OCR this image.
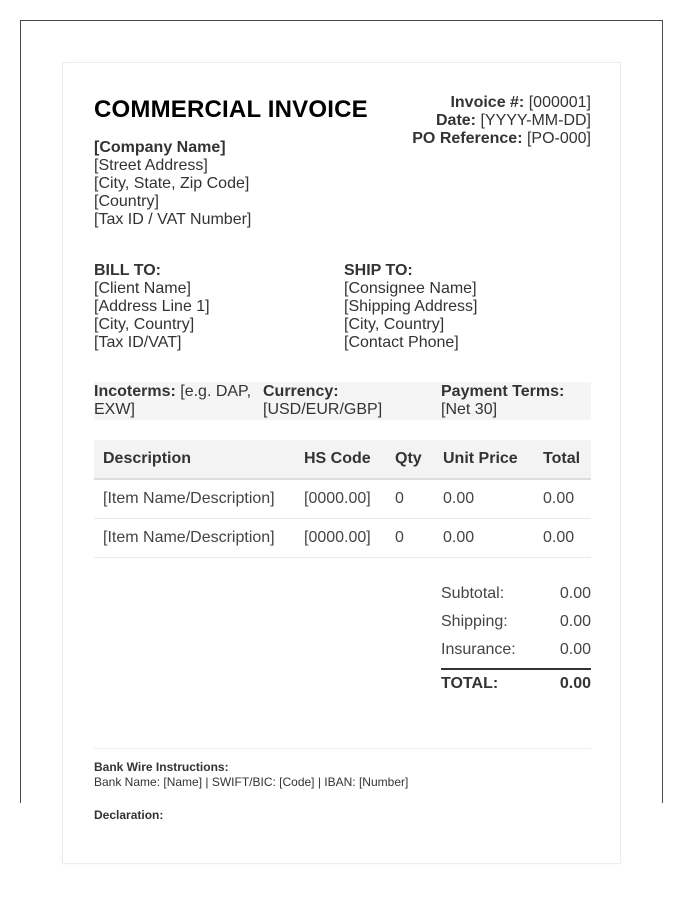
COMMERCIAL INVOICE	Invoice #: [000001]
Date: [YYYY-MM-DD]
PO Reference: [PO-000]
[Company Name]
[Street Address]
[City, State, Zip Code]
[Country]
[Tax ID / VAT Number]
BILL TO:
[Client Name]
[Address Line 1]
[City, Country]
[Tax ID/VAT]
SHIP TO:
[Consignee Name]
[Shipping Address]
[City, Country]
[Contact Phone]
Incoterms: [e.g. DAP, EXW]
Currency:
[USD/EUR/GBP]
Payment Terms:
[Net 30]
Description	HS Code	Qty	Unit Price	Total
[Item Name/Description]	[0000.00]	0	0.00	0.00
[Item Name/Description]	[0000.00]	0	0.00	0.00
Subtotal:	0.00
Shipping:	0.00
Insurance:	0.00
TOTAL:	0.00
Bank Wire Instructions:
Bank Name: [Name] | SWIFT/BIC: [Code] | IBAN: [Number]
Declaration:
